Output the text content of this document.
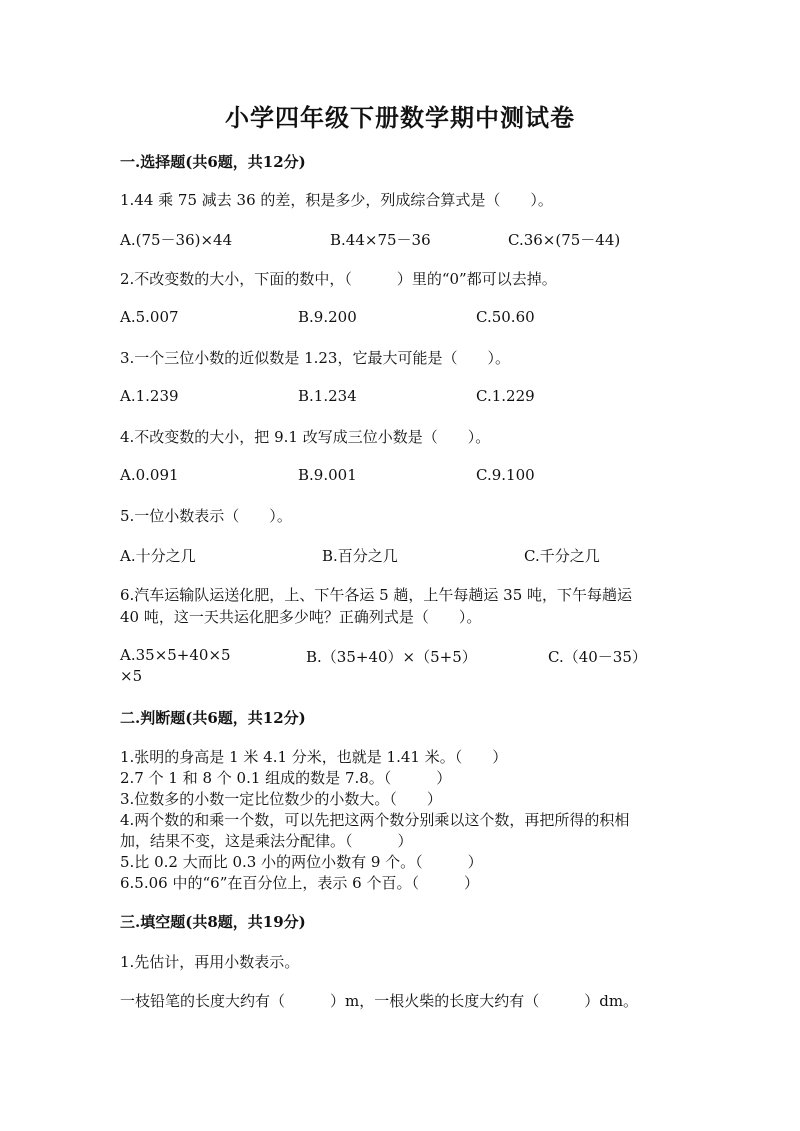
小学四年级下册数学期中测试卷
一.选择题(共6题，共12分)
1.44 乘 75 减去 36 的差，积是多少，列成综合算式是（　　）。
A.(75－36)×44	B.44×75－36	C.36×(75－44)
2.不改变数的大小，下面的数中，（　　　）里的“0”都可以去掉。
A.5.007	B.9.200	C.50.60
3.一个三位小数的近似数是 1.23，它最大可能是（　　）。
A.1.239	B.1.234	C.1.229
4.不改变数的大小，把 9.1 改写成三位小数是（　　）。
A.0.091	B.9.001	C.9.100
5.一位小数表示（　　）。
A.十分之几	B.百分之几	C.千分之几
6.汽车运输队运送化肥，上、下午各运 5 趟，上午每趟运 35 吨，下午每趟运
40 吨，这一天共运化肥多少吨？正确列式是（　　）。
A.35×5+40×5	B.（35+40）×（5+5）	C.（40－35）
×5
二.判断题(共6题，共12分)
1.张明的身高是 1 米 4.1 分米，也就是 1.41 米。（　　）
2.7 个 1 和 8 个 0.1 组成的数是 7.8。（　　　）
3.位数多的小数一定比位数少的小数大。（　　）
4.两个数的和乘一个数，可以先把这两个数分别乘以这个数，再把所得的积相
加，结果不变，这是乘法分配律。（　　　）
5.比 0.2 大而比 0.3 小的两位小数有 9 个。（　　　）
6.5.06 中的“6”在百分位上，表示 6 个百。（　　　）
三.填空题(共8题，共19分)
1.先估计，再用小数表示。
一枝铅笔的长度大约有（　　　）m，一根火柴的长度大约有（　　　）dm。
